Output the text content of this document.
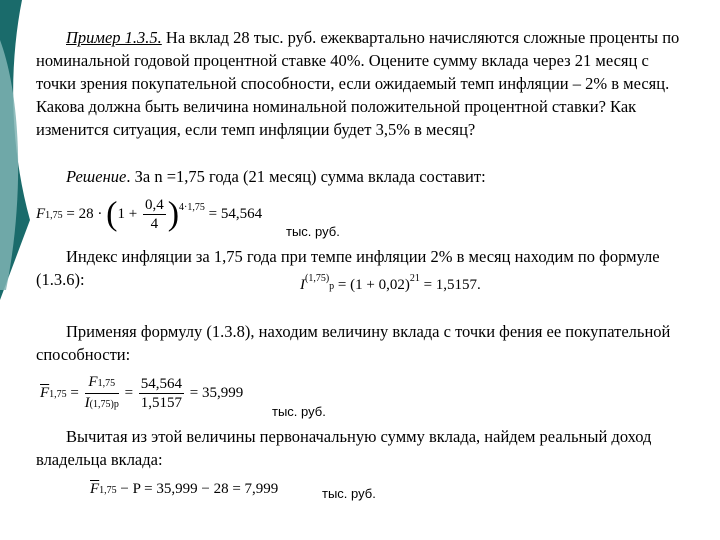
Пример 1.3.5. На вклад 28 тыс. руб. ежеквартально начисляются сложные проценты по номинальной годовой процентной ставке 40%. Оцените сумму вклада через 21 месяц с точки зрения покупательной способности, если ожидаемый темп инфляции – 2% в месяц. Какова должна быть величина номинальной положительной процентной ставки? Как изменится ситуация, если темп инфляции будет 3,5% в месяц?

Решение. За n =1,75 года (21 месяц) сумма вклада составит:

$F1,75 = 28 \cdot (1 + \frac{0,4}{4} )^{4\cdot 1,75} = 54,564$
тыс. руб.

Индекс инфляции за 1,75 года при темпе инфляции 2% в месяц находим по формуле (1.3.6):	$I^{(1,75)}p = (1 + 0,02)^{21} = 1,5157$.

Применяя формулу (1.3.8), находим величину вклада с точки фения ее покупательной способности:

$\overline{F}1,75 = \frac{F1,75}{I(1,75)p} = \frac{54,564}{1,5157} = 35,999$
тыс. руб.

Вычитая из этой величины первоначальную сумму вклада, найдем реальный доход владельца вклада:

$\overline{F}1,75 - P = 35,999 - 28 = 7,999$	тыс. руб.
